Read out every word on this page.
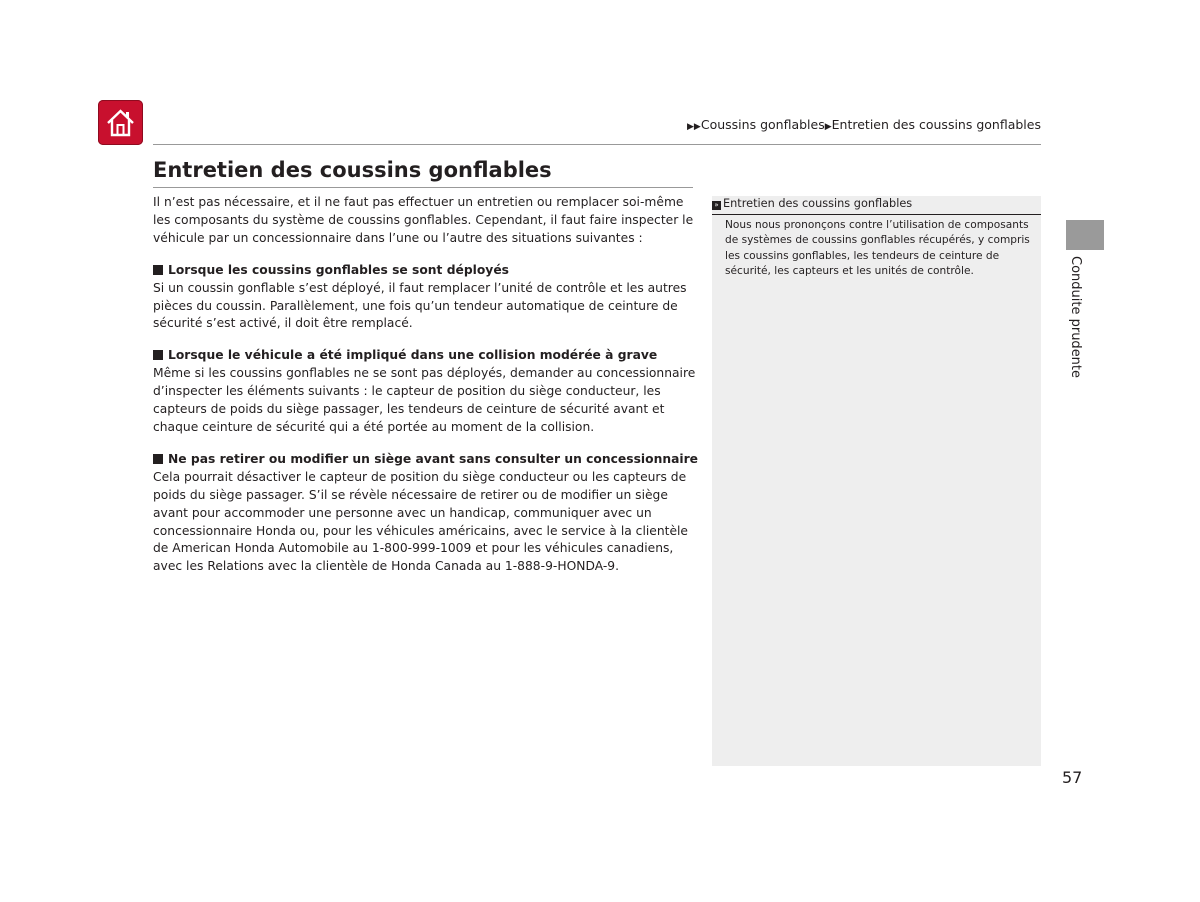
▶▶Coussins gonflables▶Entretien des coussins gonflables
Entretien des coussins gonflables

Il n’est pas nécessaire, et il ne faut pas effectuer un entretien ou remplacer soi-même les composants du système de coussins gonflables. Cependant, il faut faire inspecter le véhicule par un concessionnaire dans l’une ou l’autre des situations suivantes :

Lorsque les coussins gonflables se sont déployés

Si un coussin gonflable s’est déployé, il faut remplacer l’unité de contrôle et les autres pièces du coussin. Parallèlement, une fois qu’un tendeur automatique de ceinture de sécurité s’est activé, il doit être remplacé.

Lorsque le véhicule a été impliqué dans une collision modérée à grave

Même si les coussins gonflables ne se sont pas déployés, demander au concessionnaire d’inspecter les éléments suivants : le capteur de position du siège conducteur, les capteurs de poids du siège passager, les tendeurs de ceinture de sécurité avant et chaque ceinture de sécurité qui a été portée au moment de la collision.

Ne pas retirer ou modifier un siège avant sans consulter un concessionnaire

Cela pourrait désactiver le capteur de position du siège conducteur ou les capteurs de poids du siège passager. S’il se révèle nécessaire de retirer ou de modifier un siège avant pour accommoder une personne avec un handicap, communiquer avec un concessionnaire Honda ou, pour les véhicules américains, avec le service à la clientèle de American Honda Automobile au 1-800-999-1009 et pour les véhicules canadiens, avec les Relations avec la clientèle de Honda Canada au 1-888-9-HONDA-9.

» Entretien des coussins gonflables

Nous nous prononçons contre l’utilisation de composants de systèmes de coussins gonflables récupérés, y compris les coussins gonflables, les tendeurs de ceinture de sécurité, les capteurs et les unités de contrôle.	Conduite prudente
57
